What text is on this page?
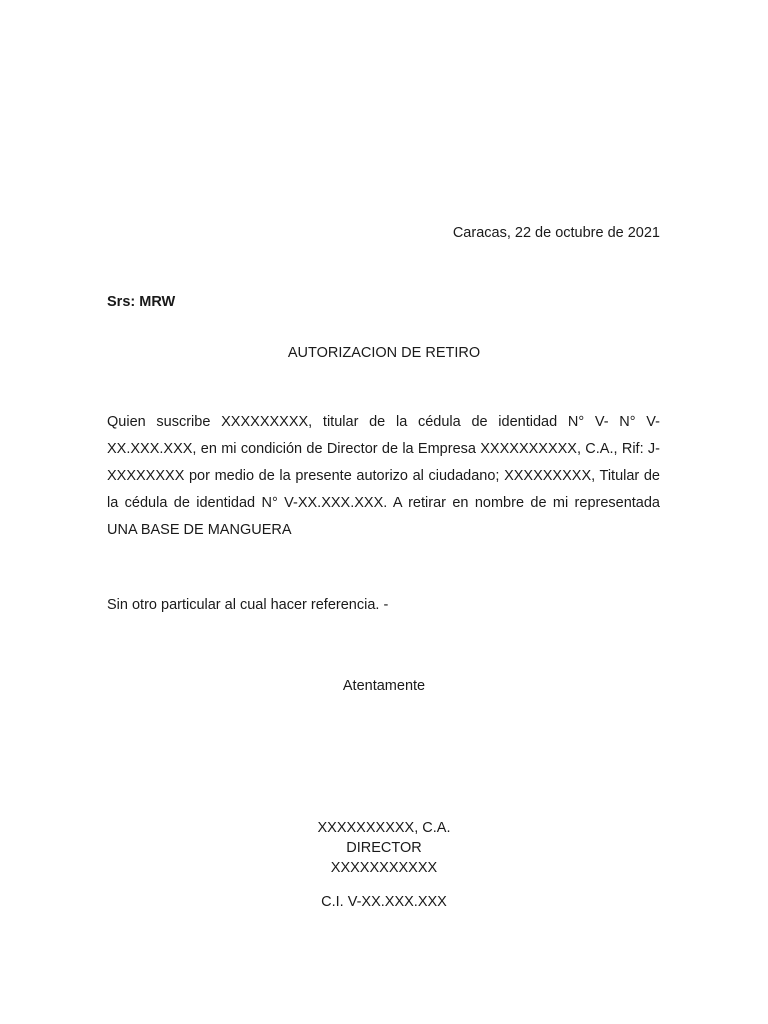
Caracas, 22 de octubre de 2021
Srs: MRW
AUTORIZACION DE RETIRO

Quien suscribe XXXXXXXXX, titular de la cédula de identidad N° V- N° V-XX.XXX.XXX, en mi condición de Director de la Empresa XXXXXXXXXX, C.A., Rif: J-XXXXXXXX por medio de la presente autorizo al ciudadano; XXXXXXXXX, Titular de la cédula de identidad N° V-XX.XXX.XXX. A retirar en nombre de mi representada UNA BASE DE MANGUERA

Sin otro particular al cual hacer referencia. -
Atentamente
XXXXXXXXXX, C.A.
DIRECTOR
XXXXXXXXXXX
C.I. V-XX.XXX.XXX
